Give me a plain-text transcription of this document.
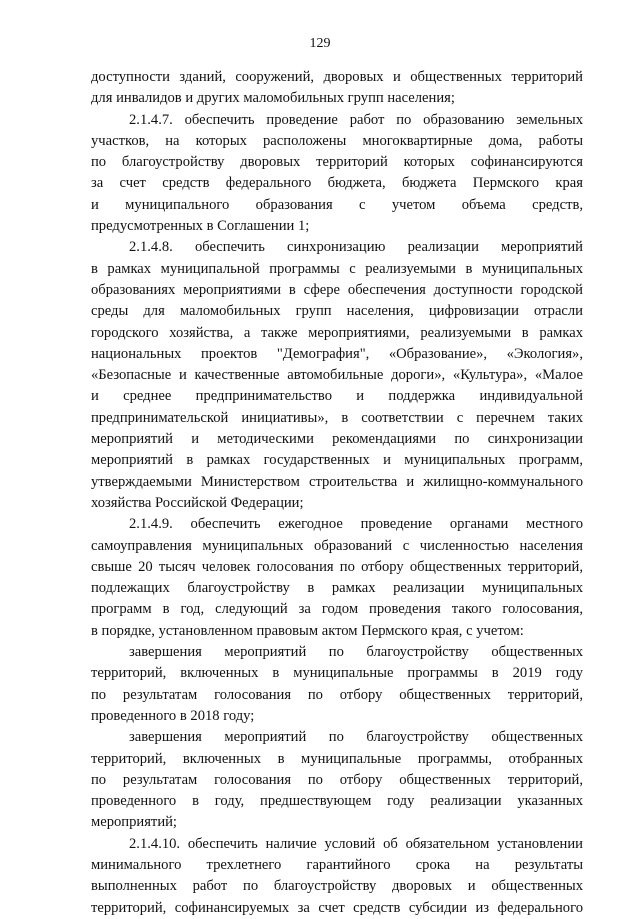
129

доступности зданий, сооружений, дворовых и общественных территорий

для инвалидов и других маломобильных групп населения;

2.1.4.7. обеспечить проведение работ по образованию земельных

участков, на которых расположены многоквартирные дома, работы

по благоустройству дворовых территорий которых софинансируются

за счет средств федерального бюджета, бюджета Пермского края

и муниципального образования с учетом объема средств,

предусмотренных в Соглашении 1;

2.1.4.8. обеспечить синхронизацию реализации мероприятий

в рамках муниципальной программы с реализуемыми в муниципальных

образованиях мероприятиями в сфере обеспечения доступности городской

среды для маломобильных групп населения, цифровизации отрасли

городского хозяйства, а также мероприятиями, реализуемыми в рамках

национальных проектов "Демография", «Образование», «Экология»,

«Безопасные и качественные автомобильные дороги», «Культура», «Малое

и среднее предпринимательство и поддержка индивидуальной

предпринимательской инициативы», в соответствии с перечнем таких

мероприятий и методическими рекомендациями по синхронизации

мероприятий в рамках государственных и муниципальных программ,

утверждаемыми Министерством строительства и жилищно-коммунального

хозяйства Российской Федерации;

2.1.4.9. обеспечить ежегодное проведение органами местного

самоуправления муниципальных образований с численностью населения

свыше 20 тысяч человек голосования по отбору общественных территорий,

подлежащих благоустройству в рамках реализации муниципальных

программ в год, следующий за годом проведения такого голосования,

в порядке, установленном правовым актом Пермского края, с учетом:

завершения мероприятий по благоустройству общественных

территорий, включенных в муниципальные программы в 2019 году

по результатам голосования по отбору общественных территорий,

проведенного в 2018 году;

завершения мероприятий по благоустройству общественных

территорий, включенных в муниципальные программы, отобранных

по результатам голосования по отбору общественных территорий,

проведенного в году, предшествующем году реализации указанных

мероприятий;

2.1.4.10. обеспечить наличие условий об обязательном установлении

минимального трехлетнего гарантийного срока на результаты

выполненных работ по благоустройству дворовых и общественных

территорий, софинансируемых за счет средств субсидии из федерального
